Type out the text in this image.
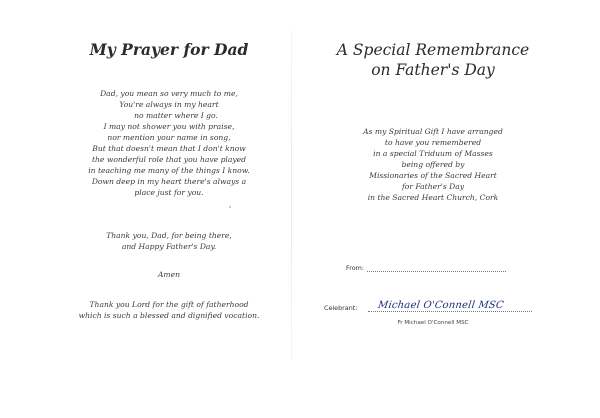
My Prayer for Dad
Dad, you mean so very much to me,
You're always in my heart
no matter where I go.
I may not shower you with praise,
nor mention your name in song,
But that doesn't mean that I don't know
the wonderful role that you have played
in teaching me many of the things I know.
Down deep in my heart there's always a
place just for you.
Thank you, Dad, for being there,
and Happy Father's Day.
Amen
Thank you Lord for the gift of fatherhood
which is such a blessed and dignified vocation.
A Special Remembrance
on Father's Day
As my Spiritual Gift I have arranged
to have you remembered
in a special Triduum of Masses
being offered by
Missionaries of the Sacred Heart
for Father's Day
in the Sacred Heart Church, Cork
From:
Celebrant: Michael O'Connell MSC
Fr Michael O'Connell MSC
